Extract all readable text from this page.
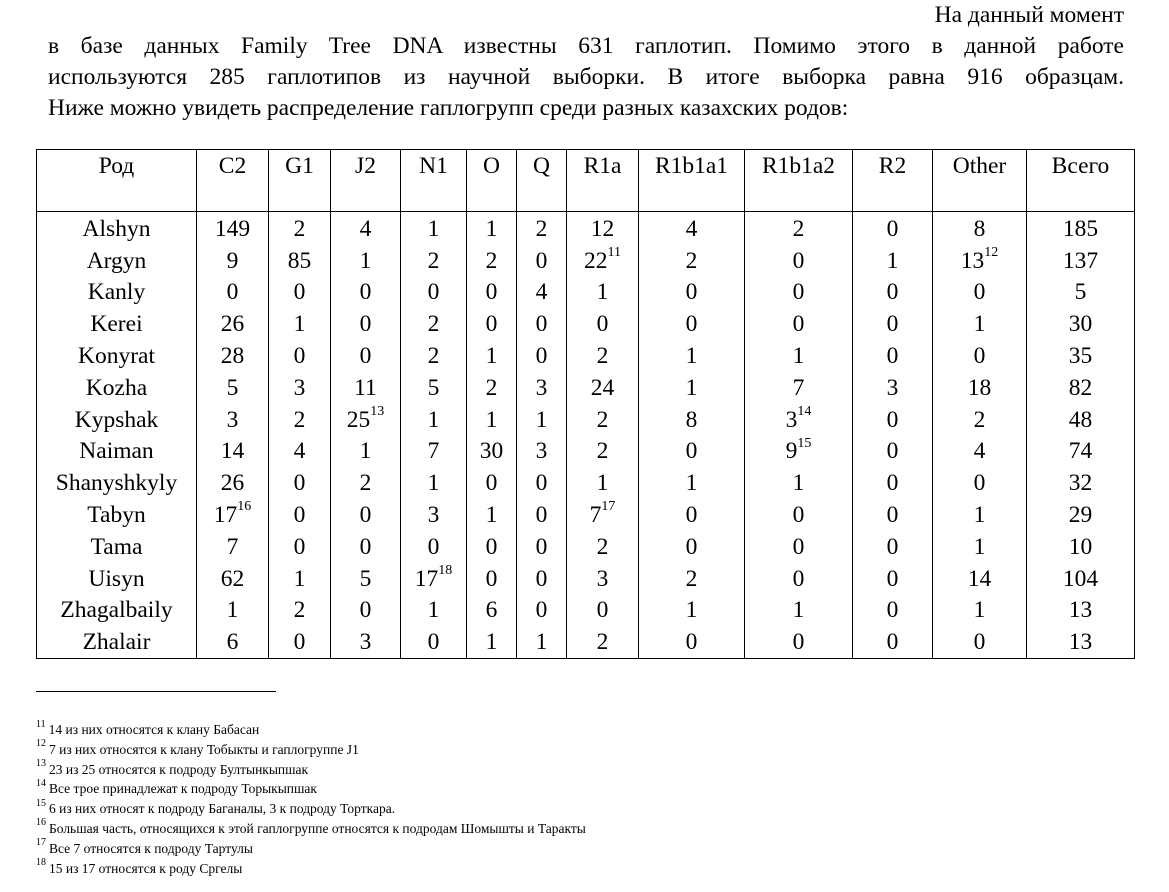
На данный момент
в базе данных Family Tree DNA известны 631 гаплотип. Помимо этого в данной работе
используются 285 гаплотипов из научной выборки. В итоге выборка равна 916 образцам.
Ниже можно увидеть распределение гаплогрупп среди разных казахских родов:
Род	C2	G1	J2	N1	O	Q	R1a	R1b1a1	R1b1a2	R2	Other	Всего
Alshyn	149	2	4	1	1	2	12	4	2	0	8	185
Argyn	9	85	1	2	2	0	$22^{11}$	2	0	1	$13^{12}$	137
Kanly	0	0	0	0	0	4	1	0	0	0	0	5
Kerei	26	1	0	2	0	0	0	0	0	0	1	30
Konyrat	28	0	0	2	1	0	2	1	1	0	0	35
Kozha	5	3	11	5	2	3	24	1	7	3	18	82
Kypshak	3	2	$25^{13}$	1	1	1	2	8	$3^{14}$	0	2	48
Naiman	14	4	1	7	30	3	2	0	$9^{15}$	0	4	74
Shanyshkyly	26	0	2	1	0	0	1	1	1	0	0	32
Tabyn	$17^{16}$	0	0	3	1	0	$7^{17}$	0	0	0	1	29
Tama	7	0	0	0	0	0	2	0	0	0	1	10
Uisyn	62	1	5	$17^{18}$	0	0	3	2	0	0	14	104
Zhagalbaily	1	2	0	1	6	0	0	1	1	0	1	13
Zhalair	6	0	3	0	1	1	2	0	0	0	0	13
$^{11}$ 14 из них относятся к клану Бабасан
$^{12}$ 7 из них относятся к клану Тобыкты и гаплогруппе J1
$^{13}$ 23 из 25 относятся к подроду Бултынкыпшак
$^{14}$ Все трое принадлежат к подроду Торыкыпшак
$^{15}$ 6 из них относят к подроду Баганалы, 3 к подроду Торткара.
$^{16}$ Большая часть, относящихся к этой гаплогруппе относятся к подродам Шомышты и Таракты
$^{17}$ Все 7 относятся к подроду Тартулы
$^{18}$ 15 из 17 относятся к роду Сргелы
